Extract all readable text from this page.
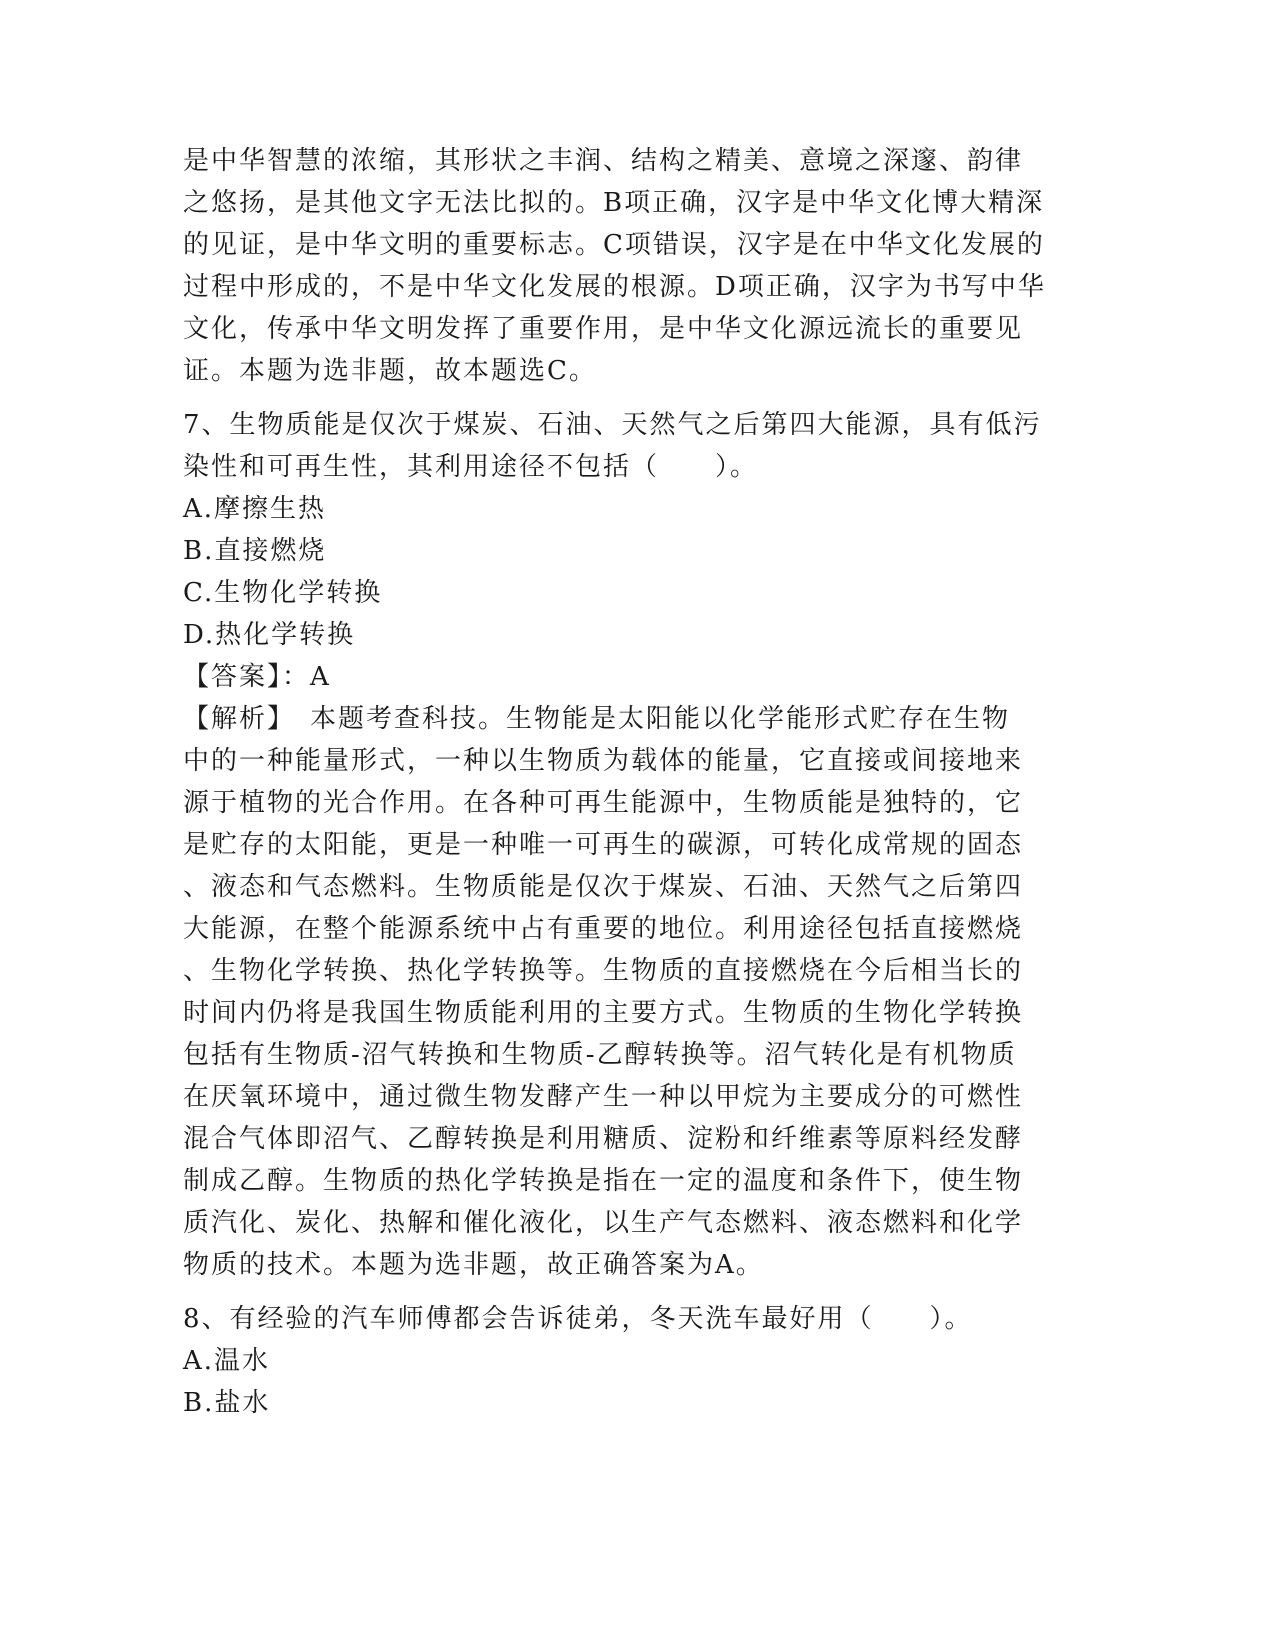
是中华智慧的浓缩，其形状之丰润、结构之精美、意境之深邃、韵律
之悠扬，是其他文字无法比拟的。B项正确，汉字是中华文化博大精深
的见证，是中华文明的重要标志。C项错误，汉字是在中华文化发展的
过程中形成的，不是中华文化发展的根源。D项正确，汉字为书写中华
文化，传承中华文明发挥了重要作用，是中华文化源远流长的重要见
证。本题为选非题，故本题选C。
7、生物质能是仅次于煤炭、石油、天然气之后第四大能源，具有低污
染性和可再生性，其利用途径不包括（　　）。
A.摩擦生热
B.直接燃烧
C.生物化学转换
D.热化学转换
【答案】：A
【解析】　本题考查科技。生物能是太阳能以化学能形式贮存在生物
中的一种能量形式，一种以生物质为载体的能量，它直接或间接地来
源于植物的光合作用。在各种可再生能源中，生物质能是独特的，它
是贮存的太阳能，更是一种唯一可再生的碳源，可转化成常规的固态
、液态和气态燃料。生物质能是仅次于煤炭、石油、天然气之后第四
大能源，在整个能源系统中占有重要的地位。利用途径包括直接燃烧
、生物化学转换、热化学转换等。生物质的直接燃烧在今后相当长的
时间内仍将是我国生物质能利用的主要方式。生物质的生物化学转换
包括有生物质-沼气转换和生物质-乙醇转换等。沼气转化是有机物质
在厌氧环境中，通过微生物发酵产生一种以甲烷为主要成分的可燃性
混合气体即沼气、乙醇转换是利用糖质、淀粉和纤维素等原料经发酵
制成乙醇。生物质的热化学转换是指在一定的温度和条件下，使生物
质汽化、炭化、热解和催化液化，以生产气态燃料、液态燃料和化学
物质的技术。本题为选非题，故正确答案为A。
8、有经验的汽车师傅都会告诉徒弟，冬天洗车最好用（　　）。
A.温水
B.盐水
